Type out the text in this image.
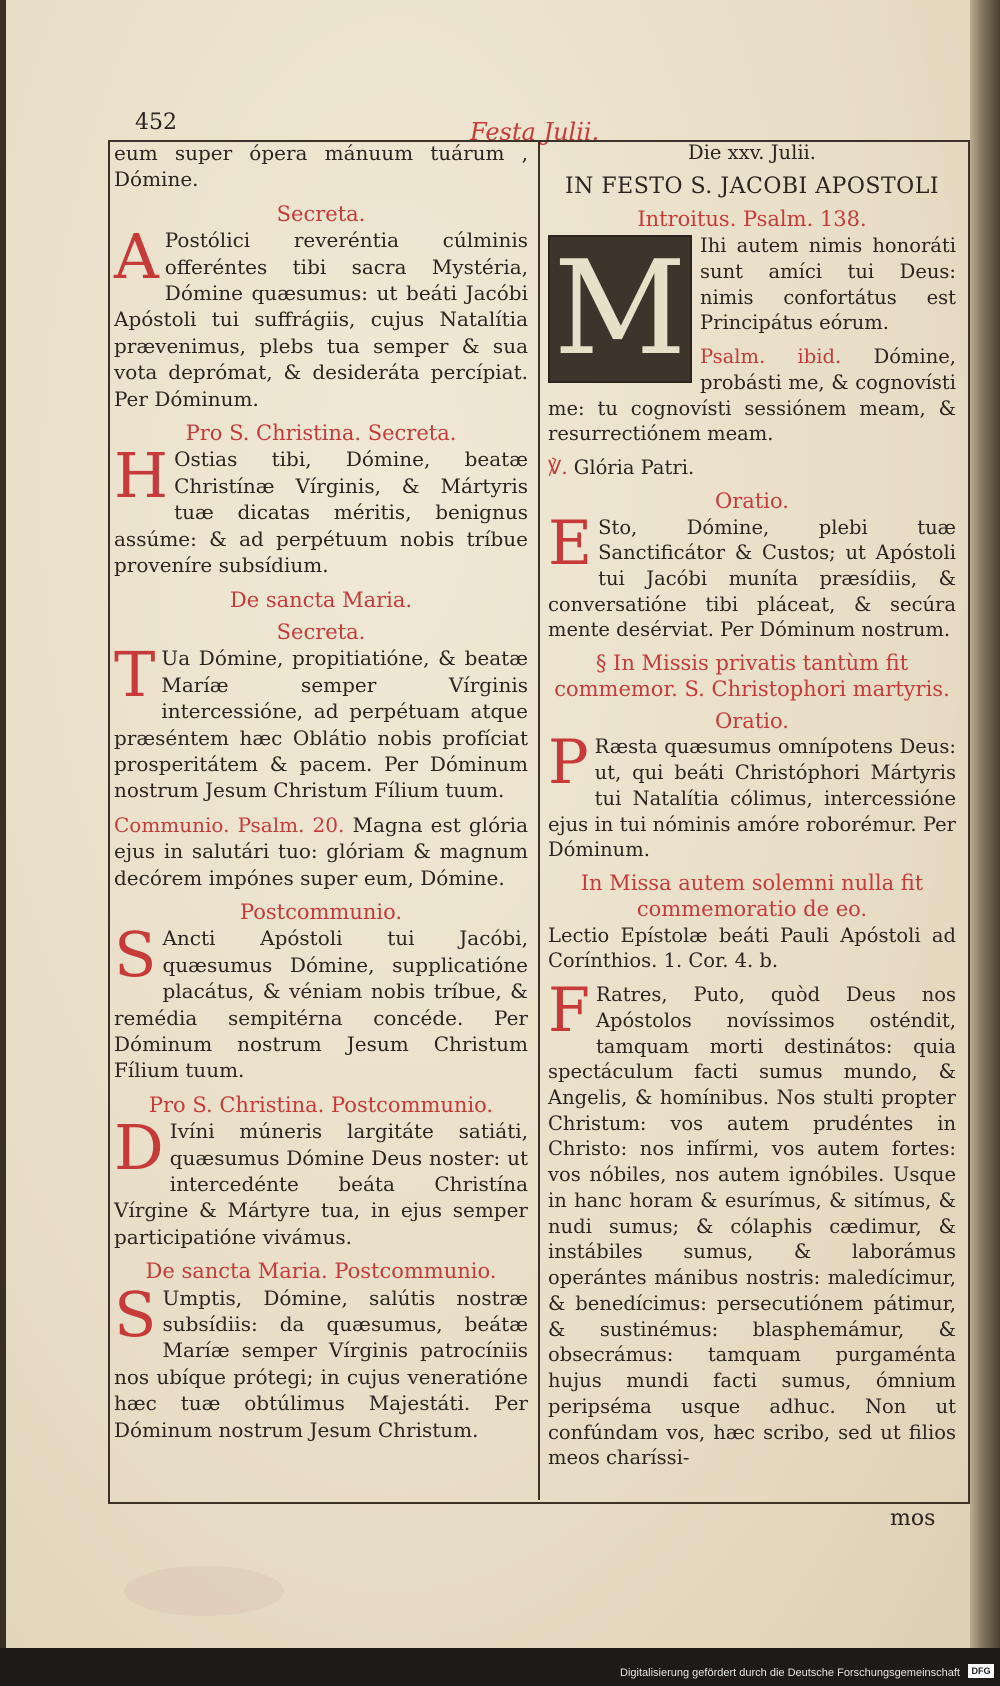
452	Festa Julii.

eum super ópera mánuum tuárum , Dómine.

Secreta.

A Postólici reveréntia cúlminis offeréntes tibi sacra Mystéria, Dómine quæsumus: ut beáti Jacóbi Apóstoli tui suffrágiis, cujus Natalítia prævenimus, plebs tua semper & sua vota deprómat, & desideráta percípiat. Per Dóminum.

Pro S. Christina. Secreta.

H Ostias tibi, Dómine, beatæ Christínæ Vírginis, & Mártyris tuæ dicatas méritis, benignus assúme: & ad perpétuum nobis tríbue proveníre subsídium.

De sancta Maria.

Secreta.

T Ua Dómine, propitiatióne, & beatæ Maríæ semper Vírginis intercessióne, ad perpétuam atque præséntem hæc Oblátio nobis profíciat prosperitátem & pacem. Per Dóminum nostrum Jesum Christum Fílium tuum.

Communio. Psalm. 20. Magna est glória ejus in salutári tuo: glóriam & magnum decórem impónes super eum, Dómine.

Postcommunio.

S Ancti Apóstoli tui Jacóbi, quæsumus Dómine, supplicatióne placátus, & véniam nobis tríbue, & remédia sempitérna concéde. Per Dóminum nostrum Jesum Christum Fílium tuum.

Pro S. Christina. Postcommunio.

D Ivíni múneris largitáte satiáti, quæsumus Dómine Deus noster: ut intercedénte beáta Christína Vírgine & Mártyre tua, in ejus semper participatióne vivámus.

De sancta Maria. Postcommunio.

S Umptis, Dómine, salútis nostræ subsídiis: da quæsumus, beátæ Maríæ semper Vírginis patrocíniis nos ubíque prótegi; in cujus veneratióne hæc tuæ obtúlimus Majestáti. Per Dóminum nostrum Jesum Christum.

Die xxv. Julii.

IN FESTO S. JACOBI APOSTOLI

Introitus. Psalm. 138.

M Ihi autem nimis honoráti sunt amíci tui Deus: nimis confortátus est Principátus eórum.

Psalm. ibid. Dómine, probásti me, & cognovísti me: tu cognovísti sessiónem meam, & resurrectiónem meam.

℣. Glória Patri.

Oratio.

E Sto, Dómine, plebi tuæ Sanctificátor & Custos; ut Apóstoli tui Jacóbi muníta præsídiis, & conversatióne tibi pláceat, & secúra mente desérviat. Per Dóminum nostrum.

§ In Missis privatis tantùm fit commemor. S. Christophori martyris.

Oratio.

P Ræsta quæsumus omnípotens Deus: ut, qui beáti Christóphori Mártyris tui Natalítia cólimus, intercessióne ejus in tui nóminis amóre roborémur. Per Dóminum.

In Missa autem solemni nulla fit commemoratio de eo.

Lectio Epístolæ beáti Pauli Apóstoli ad Corínthios. 1. Cor. 4. b.

F Ratres, Puto, quòd Deus nos Apóstolos novíssimos osténdit, tamquam morti destinátos: quia spectáculum facti sumus mundo, & Angelis, & homínibus. Nos stulti propter Christum: vos autem prudéntes in Christo: nos infírmi, vos autem fortes: vos nóbiles, nos autem ignóbiles. Usque in hanc horam & esurímus, & sitímus, & nudi sumus; & cólaphis cædimur, & instábiles sumus, & laborámus operántes mánibus nostris: maledícimur, & benedícimus: persecutiónem pátimur, & sustinémus: blasphemámur, & obsecrámus: tamquam purgaménta hujus mundi facti sumus, ómnium peripséma usque adhuc. Non ut confúndam vos, hæc scribo, sed ut filios meos charíssi-

mos
Digitalisierung gefördert durch die Deutsche Forschungsgemeinschaft	DFG
